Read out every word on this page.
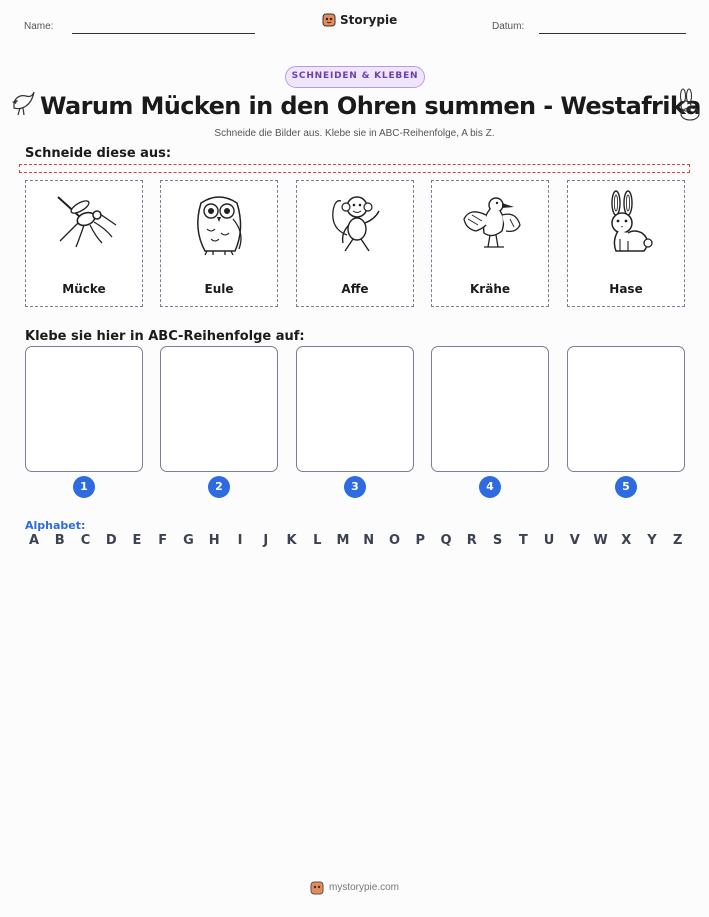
Name:	Storypie	Datum:
SCHNEIDEN & KLEBEN
Warum Mücken in den Ohren summen - Westafrika
Schneide die Bilder aus. Klebe sie in ABC-Reihenfolge, A bis Z.
Schneide diese aus:
Mücke	Eule	Affe	Krähe	Hase
Klebe sie hier in ABC-Reihenfolge auf:
1	2	3	4	5
Alphabet:
A B C D E F G H	I	J	K L M N O P Q R S T U V W X Y Z
mystorypie.com
